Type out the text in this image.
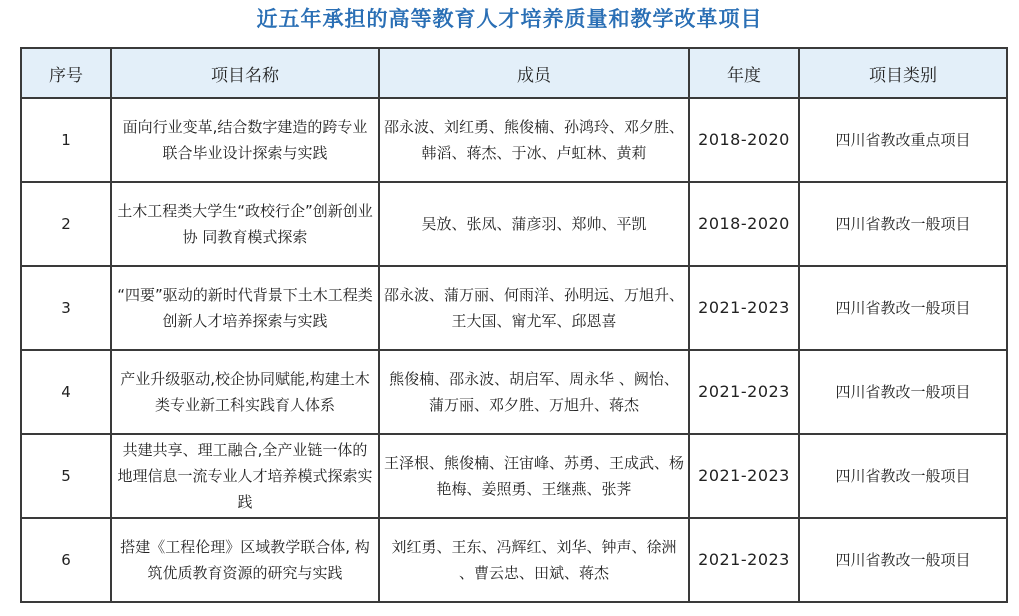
近五年承担的高等教育人才培养质量和教学改革项目
序号	项目名称	成员	年度	项目类别
1	面向行业变革,结合数字建造的跨专业联合毕业设计探索与实践	邵永波、刘红勇、熊俊楠、孙鸿玲、邓夕胜、韩滔、蒋杰、于冰、卢虹林、黄莉	2018-2020	四川省教改重点项目
2	土木工程类大学生“政校行企”创新创业协 同教育模式探索	吴放、张凤、蒲彦羽、郑帅、平凯	2018-2020	四川省教改一般项目
3	“四要”驱动的新时代背景下土木工程类创新人才培养探索与实践	邵永波、蒲万丽、何雨洋、孙明远、万旭升、王大国、甯尤军、邱恩喜	2021-2023	四川省教改一般项目
4	产业升级驱动,校企协同赋能,构建土木类专业新工科实践育人体系	熊俊楠、邵永波、胡启军、周永华 、阙怡、蒲万丽、邓夕胜、万旭升、蒋杰	2021-2023	四川省教改一般项目
5	共建共享、理工融合,全产业链一体的地理信息一流专业人才培养模式探索实践	王泽根、熊俊楠、汪宙峰、苏勇、王成武、杨艳梅、姜照勇、王继燕、张荠	2021-2023	四川省教改一般项目
6	搭建《工程伦理》区域教学联合体, 构筑优质教育资源的研究与实践	刘红勇、王东、冯辉红、刘华、钟声、徐洲 、曹云忠、田斌、蒋杰	2021-2023	四川省教改一般项目
